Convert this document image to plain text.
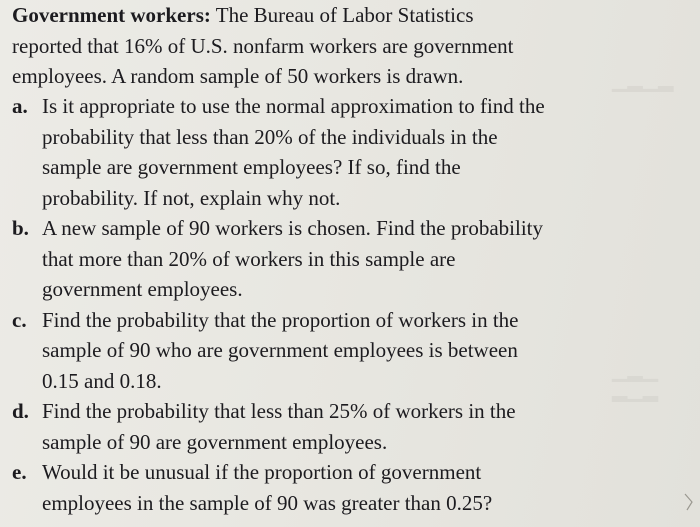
▁▂▁▂
▁▂▁
▂▁▂
Government workers: The Bureau of Labor Statistics
reported that 16% of U.S. nonfarm workers are government
employees. A random sample of 50 workers is drawn.
a. Is it appropriate to use the normal approximation to find the
probability that less than 20% of the individuals in the
sample are government employees? If so, find the
probability. If not, explain why not.
b. A new sample of 90 workers is chosen. Find the probability
that more than 20% of workers in this sample are
government employees.
c. Find the probability that the proportion of workers in the
sample of 90 who are government employees is between
0.15 and 0.18.
d. Find the probability that less than 25% of workers in the
sample of 90 are government employees.
e. Would it be unusual if the proportion of government
employees in the sample of 90 was greater than 0.25?
